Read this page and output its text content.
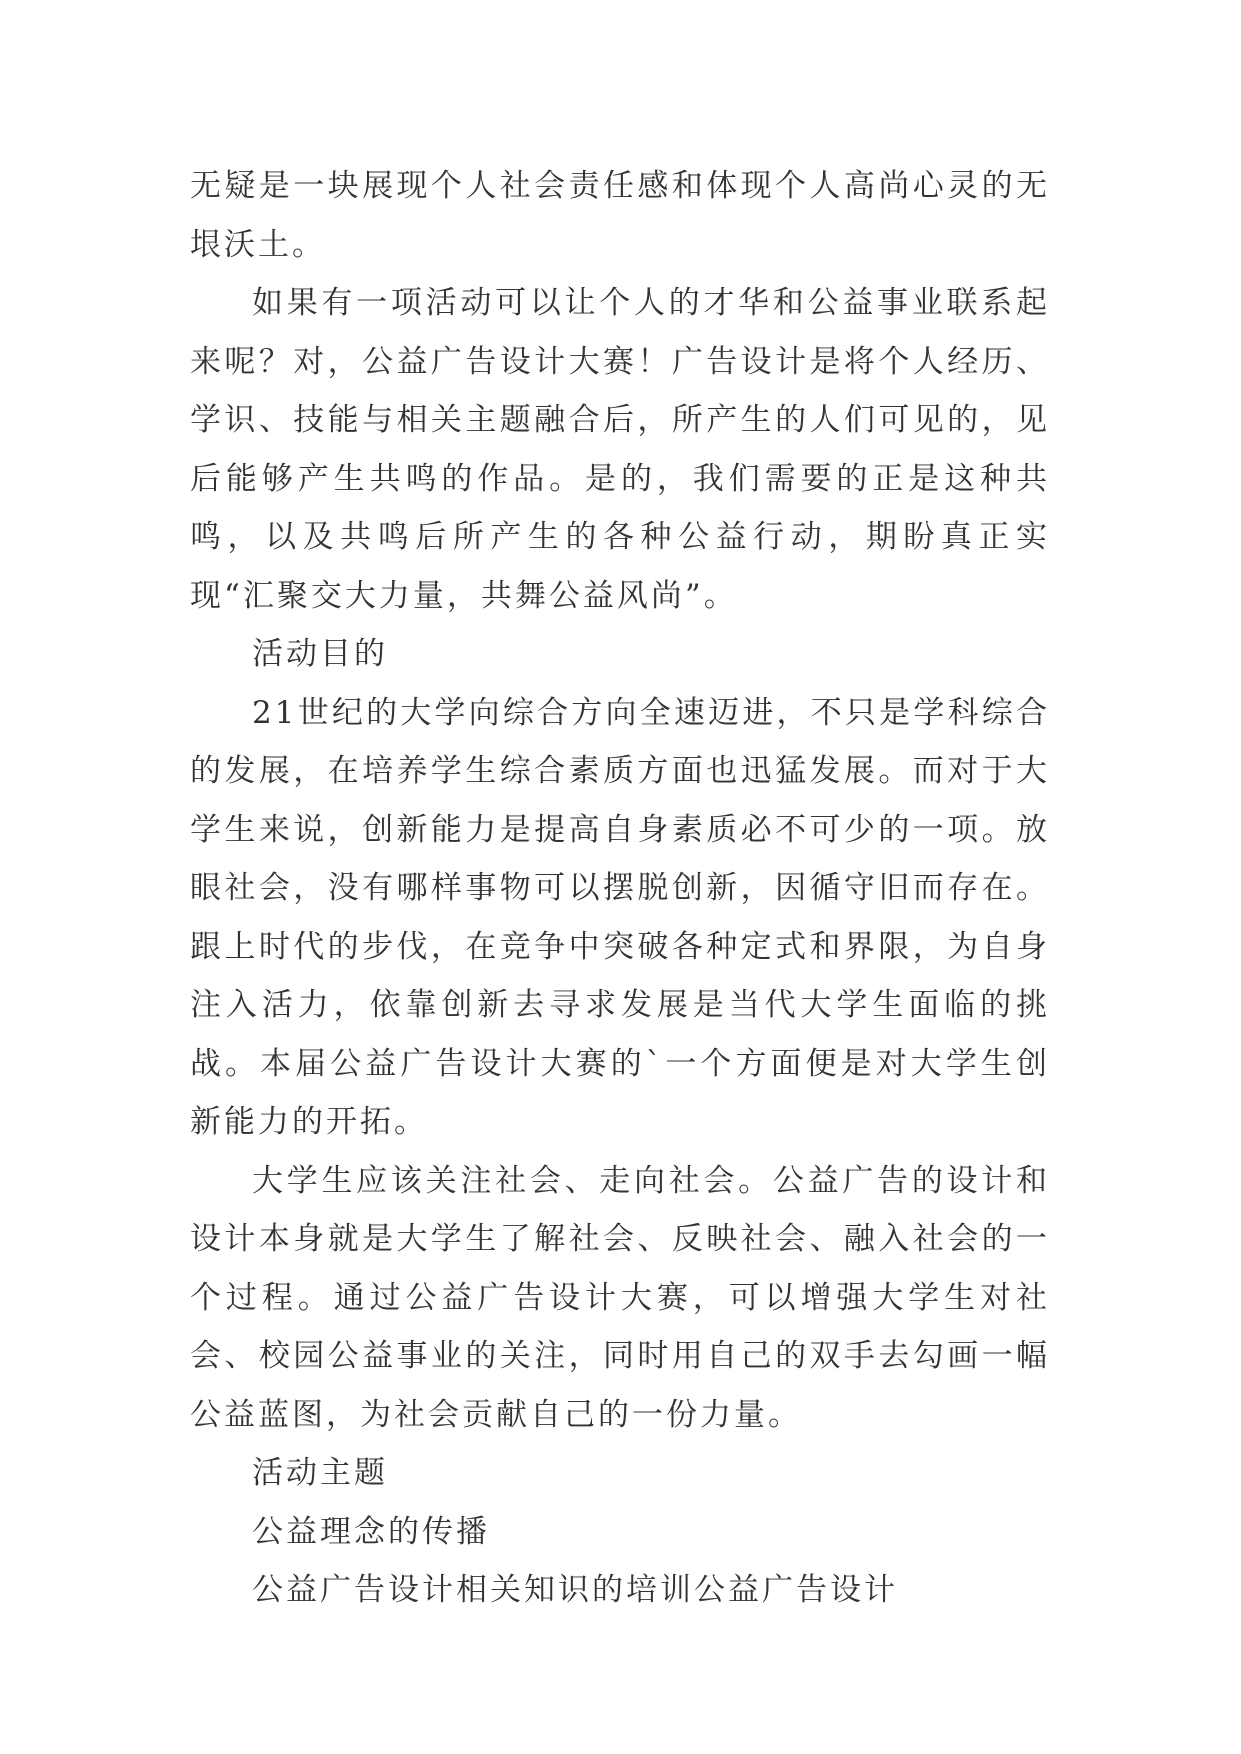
无疑是一块展现个人社会责任感和体现个人高尚心灵的无垠沃土。

如果有一项活动可以让个人的才华和公益事业联系起来呢？对，公益广告设计大赛！广告设计是将个人经历、学识、技能与相关主题融合后，所产生的人们可见的，见后能够产生共鸣的作品。是的，我们需要的正是这种共鸣，以及共鸣后所产生的各种公益行动，期盼真正实现“汇聚交大力量，共舞公益风尚”。

活动目的

21世纪的大学向综合方向全速迈进，不只是学科综合的发展，在培养学生综合素质方面也迅猛发展。而对于大学生来说，创新能力是提高自身素质必不可少的一项。放眼社会，没有哪样事物可以摆脱创新，因循守旧而存在。跟上时代的步伐，在竞争中突破各种定式和界限，为自身注入活力，依靠创新去寻求发展是当代大学生面临的挑战。本届公益广告设计大赛的`一个方面便是对大学生创新能力的开拓。

大学生应该关注社会、走向社会。公益广告的设计和设计本身就是大学生了解社会、反映社会、融入社会的一个过程。通过公益广告设计大赛，可以增强大学生对社会、校园公益事业的关注，同时用自己的双手去勾画一幅公益蓝图，为社会贡献自己的一份力量。

活动主题

公益理念的传播

公益广告设计相关知识的培训公益广告设计
